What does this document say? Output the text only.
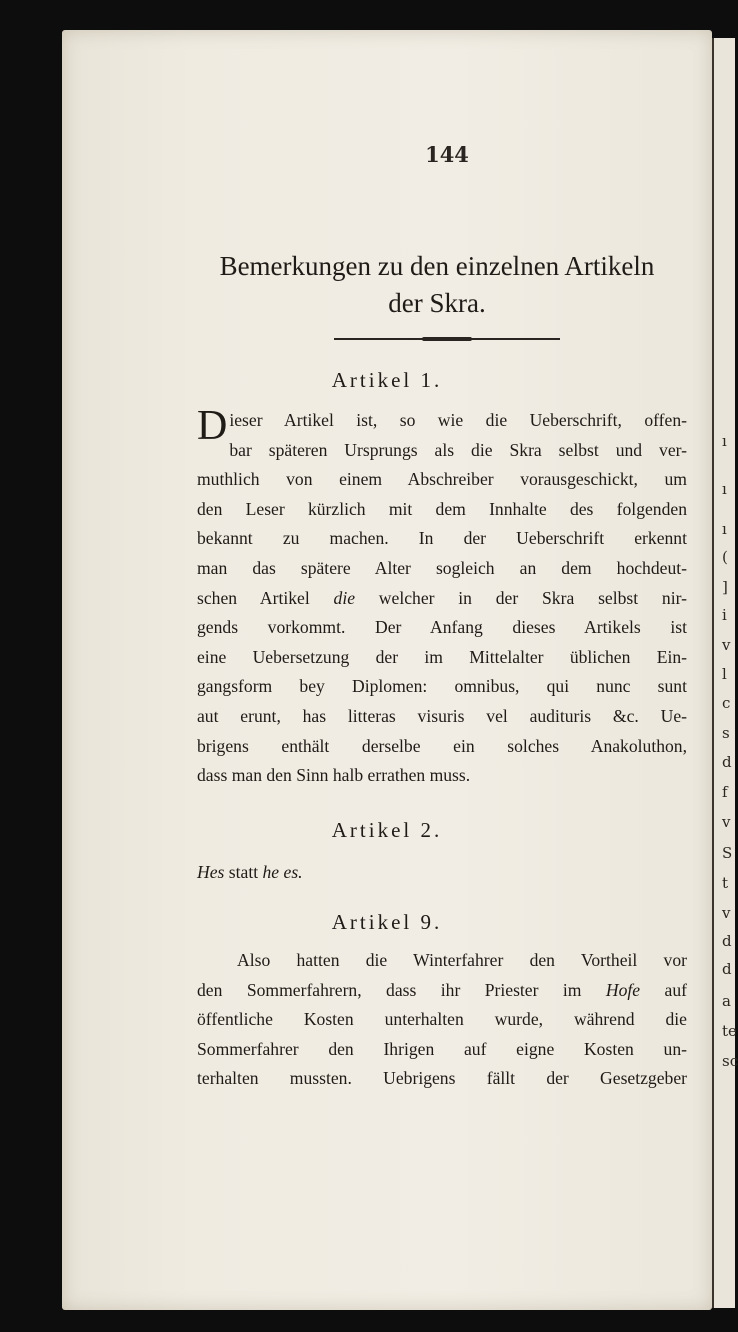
ı
ı
ı
(
]
i
v
l
c
s
d
f
v
S
t
v
d
d
a
te
sc
144
Bemerkungen zu den einzelnen Artikeln
der Skra.
Artikel 1.
D ieser Artikel ist, so wie die Ueberschrift, offen-
bar späteren Ursprungs als die Skra selbst und ver-
muthlich von einem Abschreiber vorausgeschickt, um
den Leser kürzlich mit dem Innhalte des folgenden
bekannt zu machen. In der Ueberschrift erkennt
man das spätere Alter sogleich an dem hochdeut-
schen Artikel die welcher in der Skra selbst nir-
gends vorkommt. Der Anfang dieses Artikels ist
eine Uebersetzung der im Mittelalter üblichen Ein-
gangsform bey Diplomen: omnibus, qui nunc sunt
aut erunt, has litteras visuris vel audituris &c. Ue-
brigens enthält derselbe ein solches Anakoluthon,
dass man den Sinn halb errathen muss.
Artikel 2.
Hes statt he es.
Artikel 9.
Also hatten die Winterfahrer den Vortheil vor
den Sommerfahrern, dass ihr Priester im Hofe auf
öffentliche Kosten unterhalten wurde, während die
Sommerfahrer den Ihrigen auf eigne Kosten un-
terhalten mussten. Uebrigens fällt der Gesetzgeber
